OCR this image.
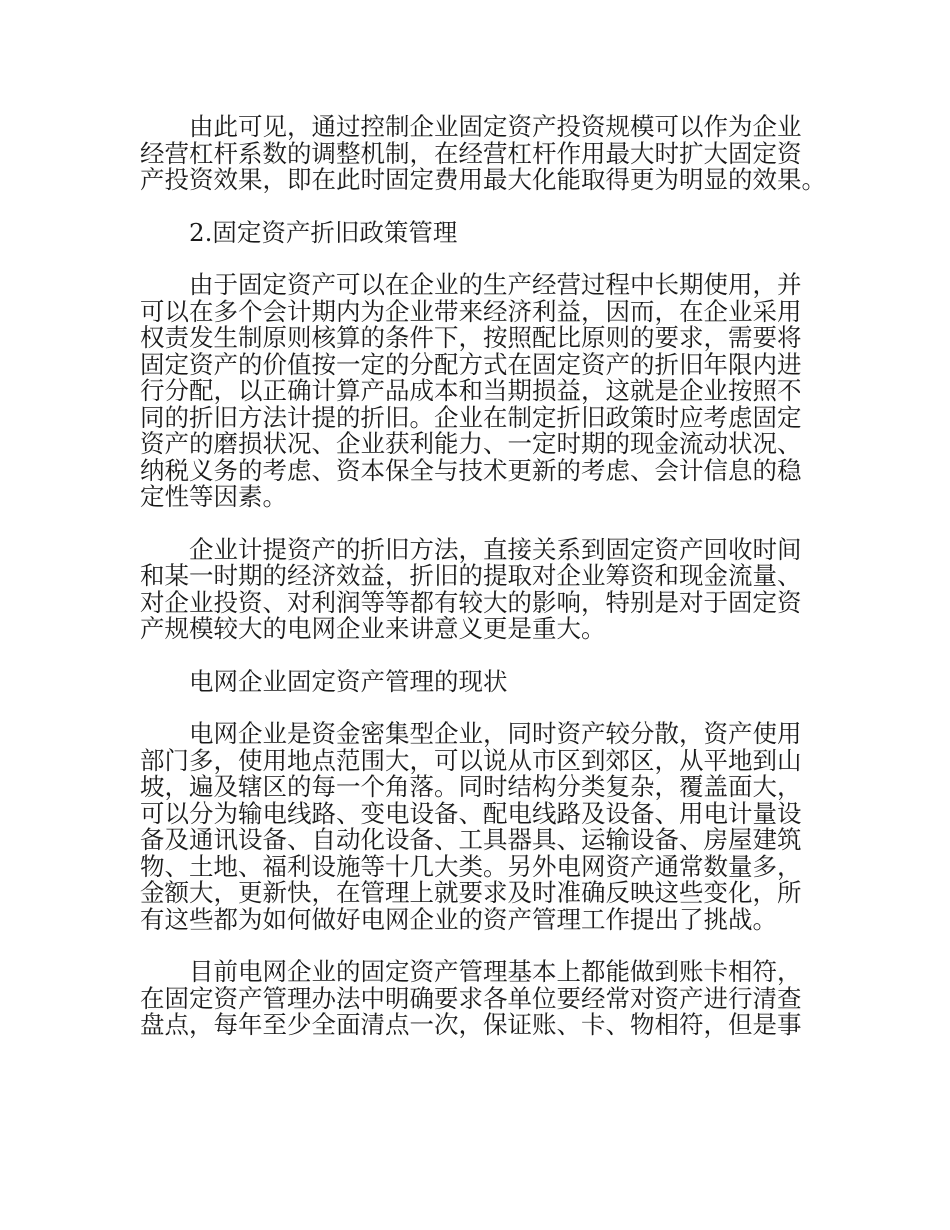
由此可见，通过控制企业固定资产投资规模可以作为企业
经营杠杆系数的调整机制，在经营杠杆作用最大时扩大固定资
产投资效果，即在此时固定费用最大化能取得更为明显的效果。
2.固定资产折旧政策管理
由于固定资产可以在企业的生产经营过程中长期使用，并
可以在多个会计期内为企业带来经济利益，因而，在企业采用
权责发生制原则核算的条件下，按照配比原则的要求，需要将
固定资产的价值按一定的分配方式在固定资产的折旧年限内进
行分配，以正确计算产品成本和当期损益，这就是企业按照不
同的折旧方法计提的折旧。企业在制定折旧政策时应考虑固定
资产的磨损状况、企业获利能力、一定时期的现金流动状况、
纳税义务的考虑、资本保全与技术更新的考虑、会计信息的稳
定性等因素。
企业计提资产的折旧方法，直接关系到固定资产回收时间
和某一时期的经济效益，折旧的提取对企业筹资和现金流量、
对企业投资、对利润等等都有较大的影响，特别是对于固定资
产规模较大的电网企业来讲意义更是重大。
电网企业固定资产管理的现状
电网企业是资金密集型企业，同时资产较分散，资产使用
部门多，使用地点范围大，可以说从市区到郊区，从平地到山
坡，遍及辖区的每一个角落。同时结构分类复杂，覆盖面大，
可以分为输电线路、变电设备、配电线路及设备、用电计量设
备及通讯设备、自动化设备、工具器具、运输设备、房屋建筑
物、土地、福利设施等十几大类。另外电网资产通常数量多，
金额大，更新快，在管理上就要求及时准确反映这些变化，所
有这些都为如何做好电网企业的资产管理工作提出了挑战。
目前电网企业的固定资产管理基本上都能做到账卡相符，
在固定资产管理办法中明确要求各单位要经常对资产进行清查
盘点，每年至少全面清点一次，保证账、卡、物相符，但是事
